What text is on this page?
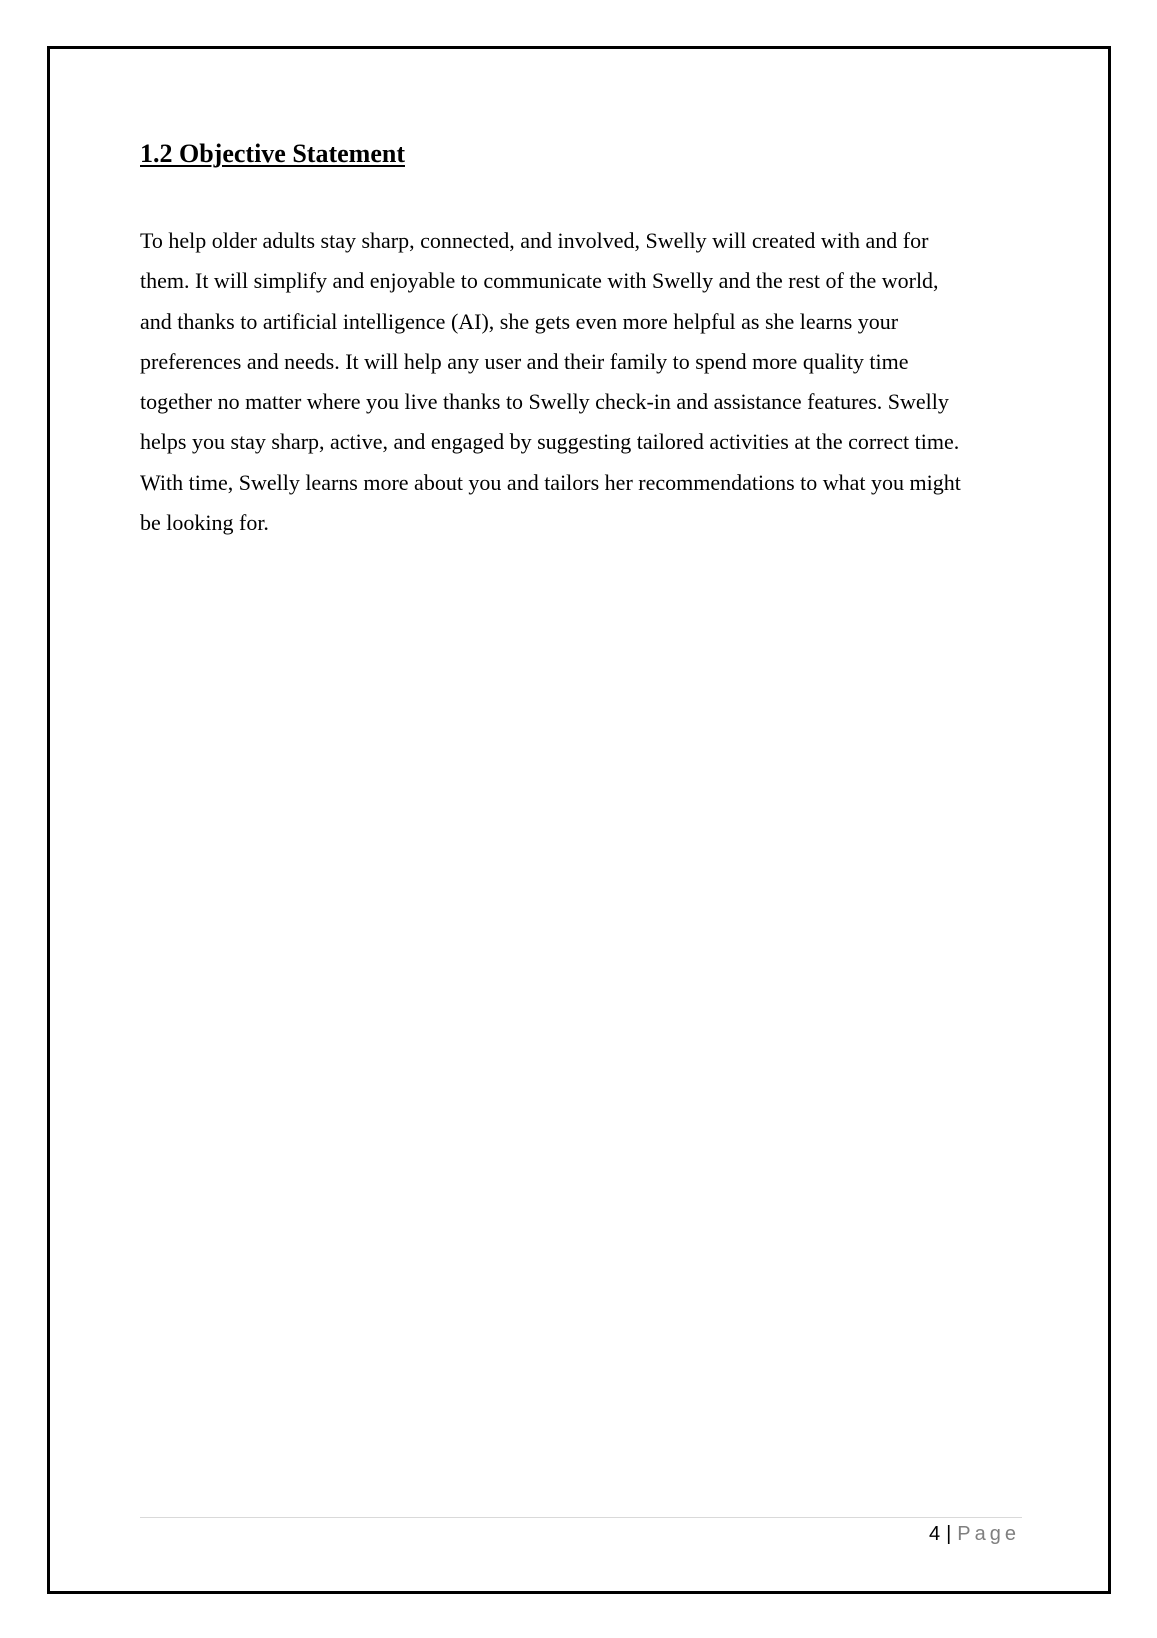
1.2 Objective Statement
To help older adults stay sharp, connected, and involved, Swelly will created with and for
them. It will simplify and enjoyable to communicate with Swelly and the rest of the world,
and thanks to artificial intelligence (AI), she gets even more helpful as she learns your
preferences and needs. It will help any user and their family to spend more quality time
together no matter where you live thanks to Swelly check-in and assistance features. Swelly
helps you stay sharp, active, and engaged by suggesting tailored activities at the correct time.
With time, Swelly learns more about you and tailors her recommendations to what you might
be looking for.
4 | Page
